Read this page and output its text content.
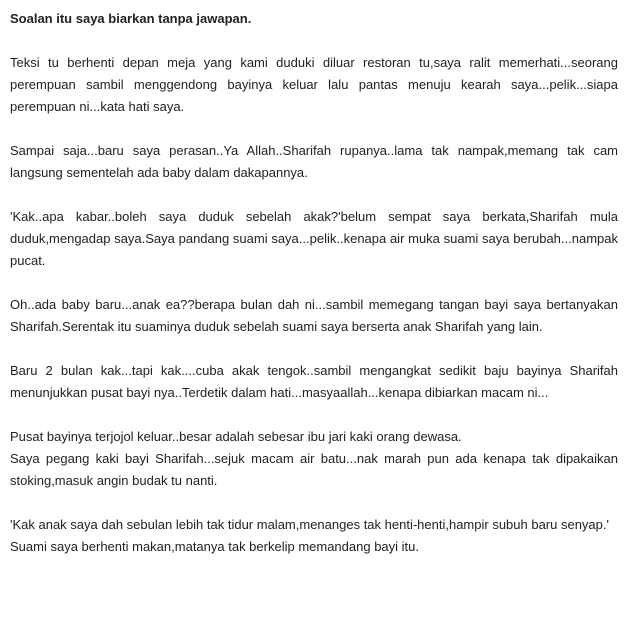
Soalan itu saya biarkan tanpa jawapan.
Teksi tu berhenti depan meja yang kami duduki diluar restoran tu,saya ralit memerhati...seorang perempuan sambil menggendong bayinya keluar lalu pantas menuju kearah saya...pelik...siapa perempuan ni...kata hati saya.
Sampai saja...baru saya perasan..Ya Allah..Sharifah rupanya..lama tak nampak,memang tak cam langsung sementelah ada baby dalam dakapannya.
'Kak..apa kabar..boleh saya duduk sebelah akak?'belum sempat saya berkata,Sharifah mula duduk,mengadap saya.Saya pandang suami saya...pelik..kenapa air muka suami saya berubah...nampak pucat.
Oh..ada baby baru...anak ea??berapa bulan dah ni...sambil memegang tangan bayi saya bertanyakan Sharifah.Serentak itu suaminya duduk sebelah suami saya berserta anak Sharifah yang lain.
Baru 2 bulan kak...tapi kak....cuba akak tengok..sambil mengangkat sedikit baju bayinya Sharifah menunjukkan pusat bayi nya..Terdetik dalam hati...masyaallah...kenapa dibiarkan macam ni...
Pusat bayinya terjojol keluar..besar adalah sebesar ibu jari kaki orang dewasa.
Saya pegang kaki bayi Sharifah...sejuk macam air batu...nak marah pun ada kenapa tak dipakaikan stoking,masuk angin budak tu nanti.
'Kak anak saya dah sebulan lebih tak tidur malam,menanges tak henti-henti,hampir subuh baru senyap.'
Suami saya berhenti makan,matanya tak berkelip memandang bayi itu.
